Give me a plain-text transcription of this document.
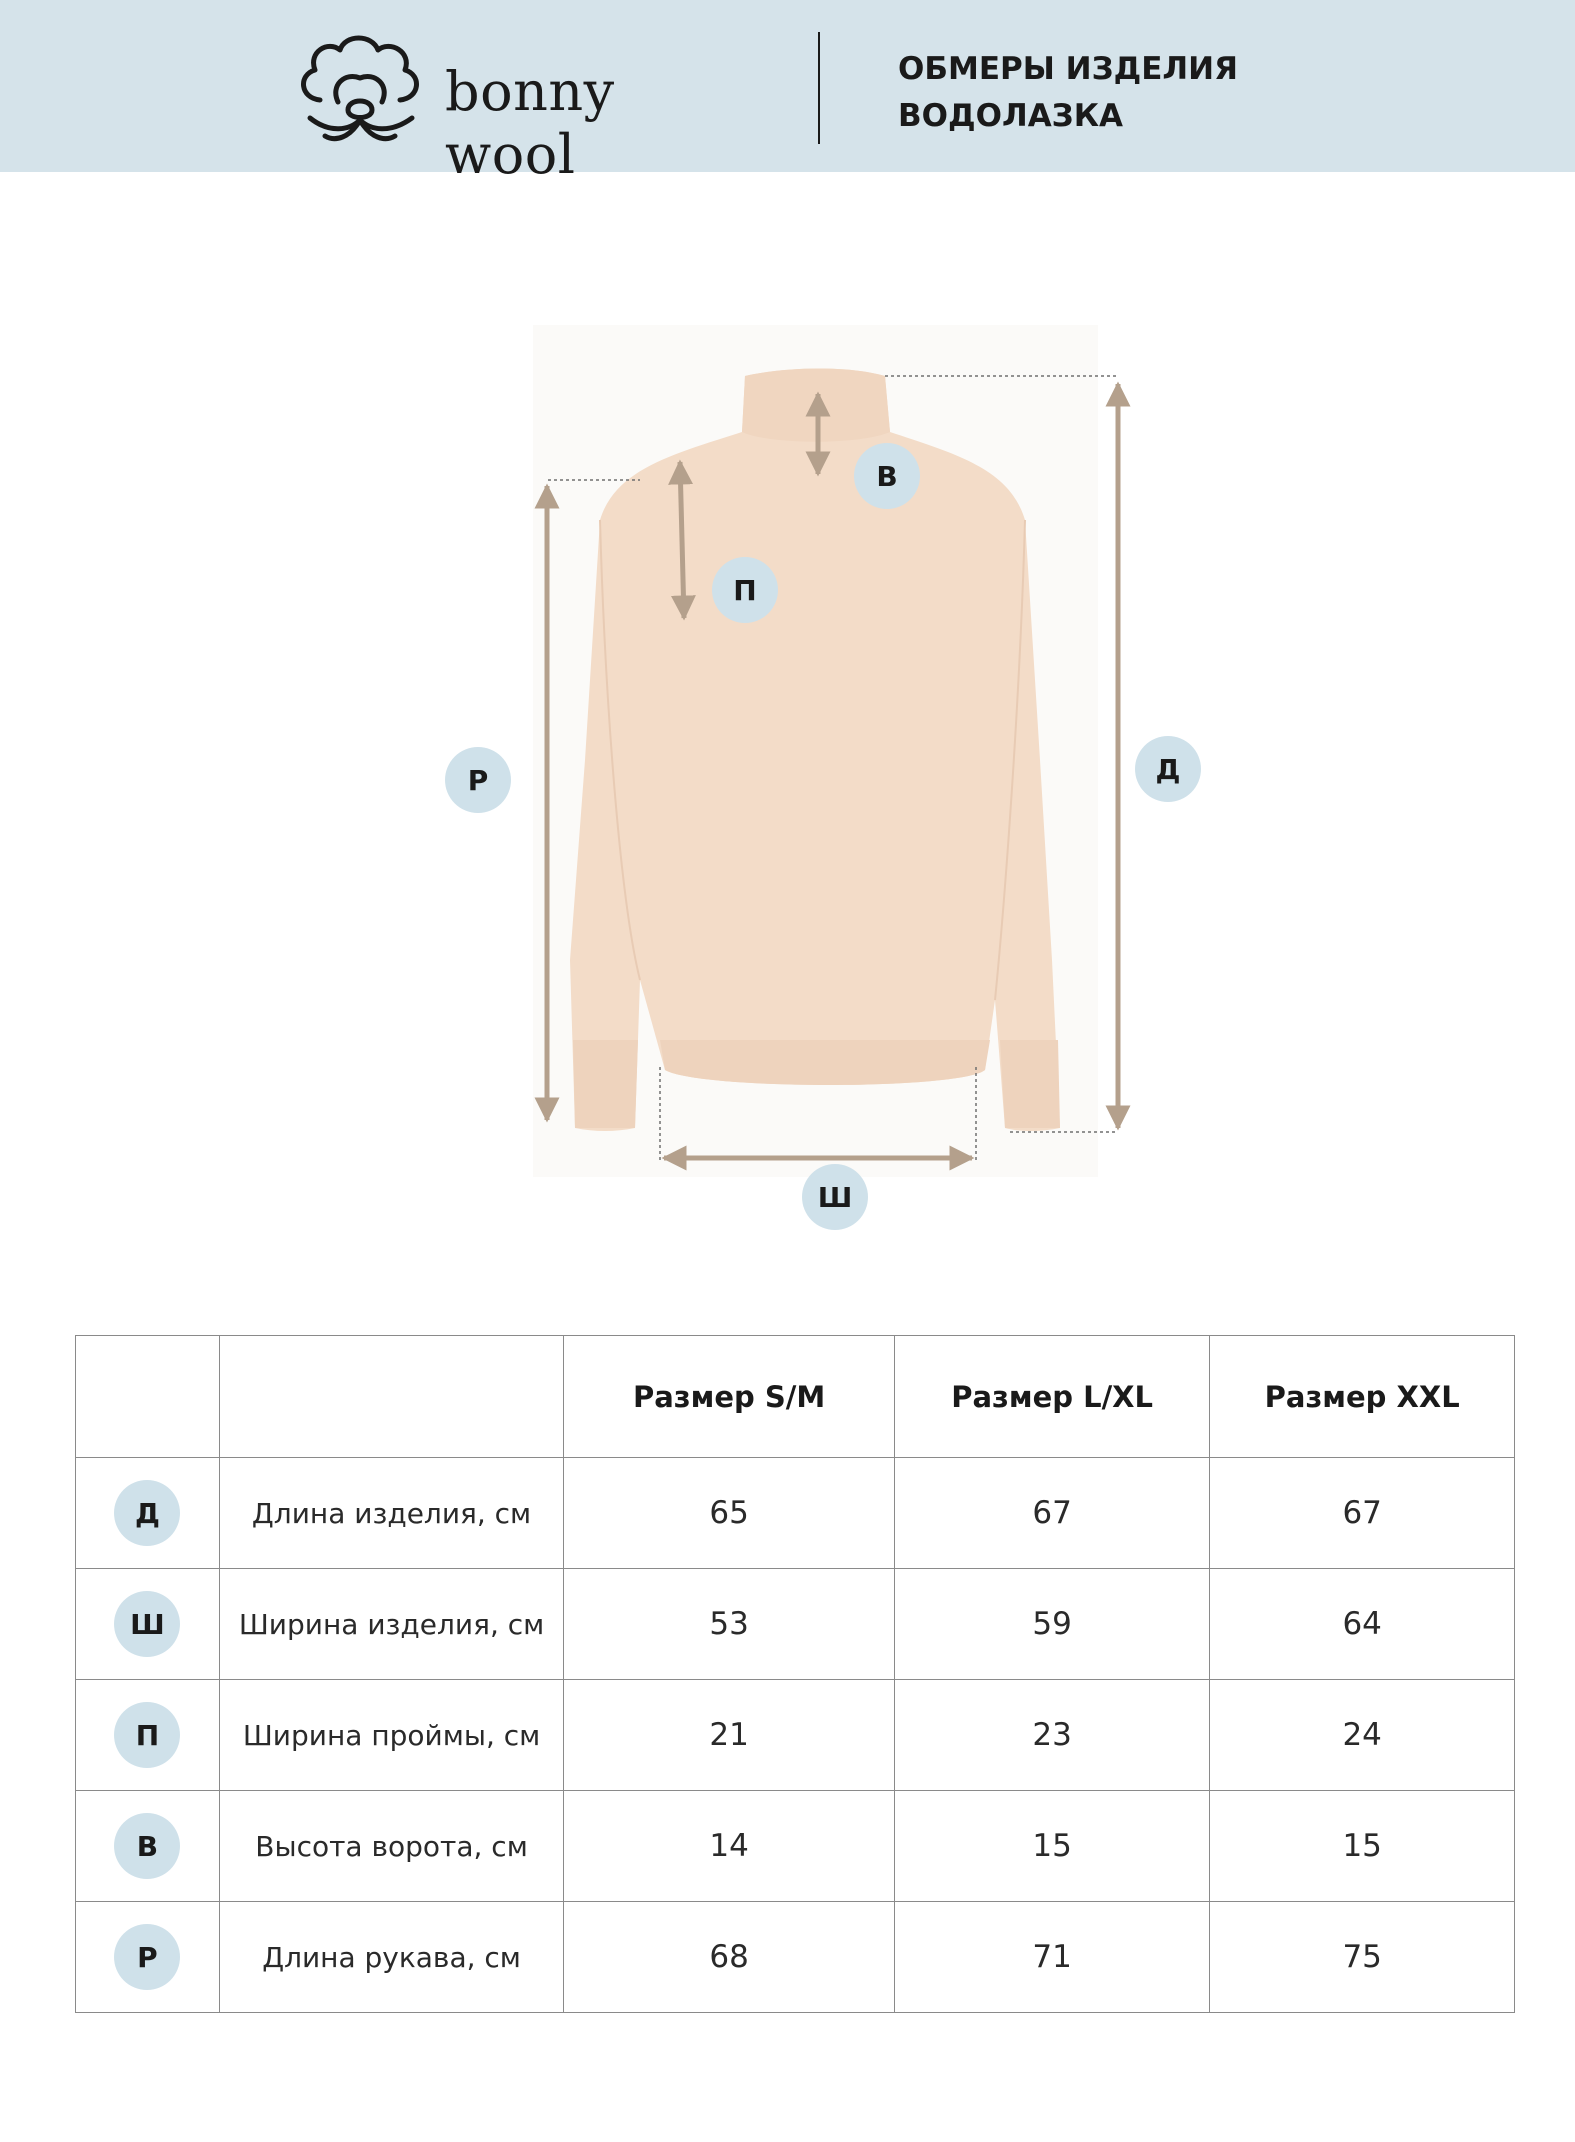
bonny wool
ОБМЕРЫ ИЗДЕЛИЯ
ВОДОЛАЗКА
В
П
Р	Д
Ш
		Размер S/M	Размер L/XL	Размер XXL
Д	Длина изделия, см	65	67	67
Ш	Ширина изделия, см	53	59	64
П	Ширина проймы, см	21	23	24
В	Высота ворота, см	14	15	15
Р	Длина рукава, см	68	71	75
